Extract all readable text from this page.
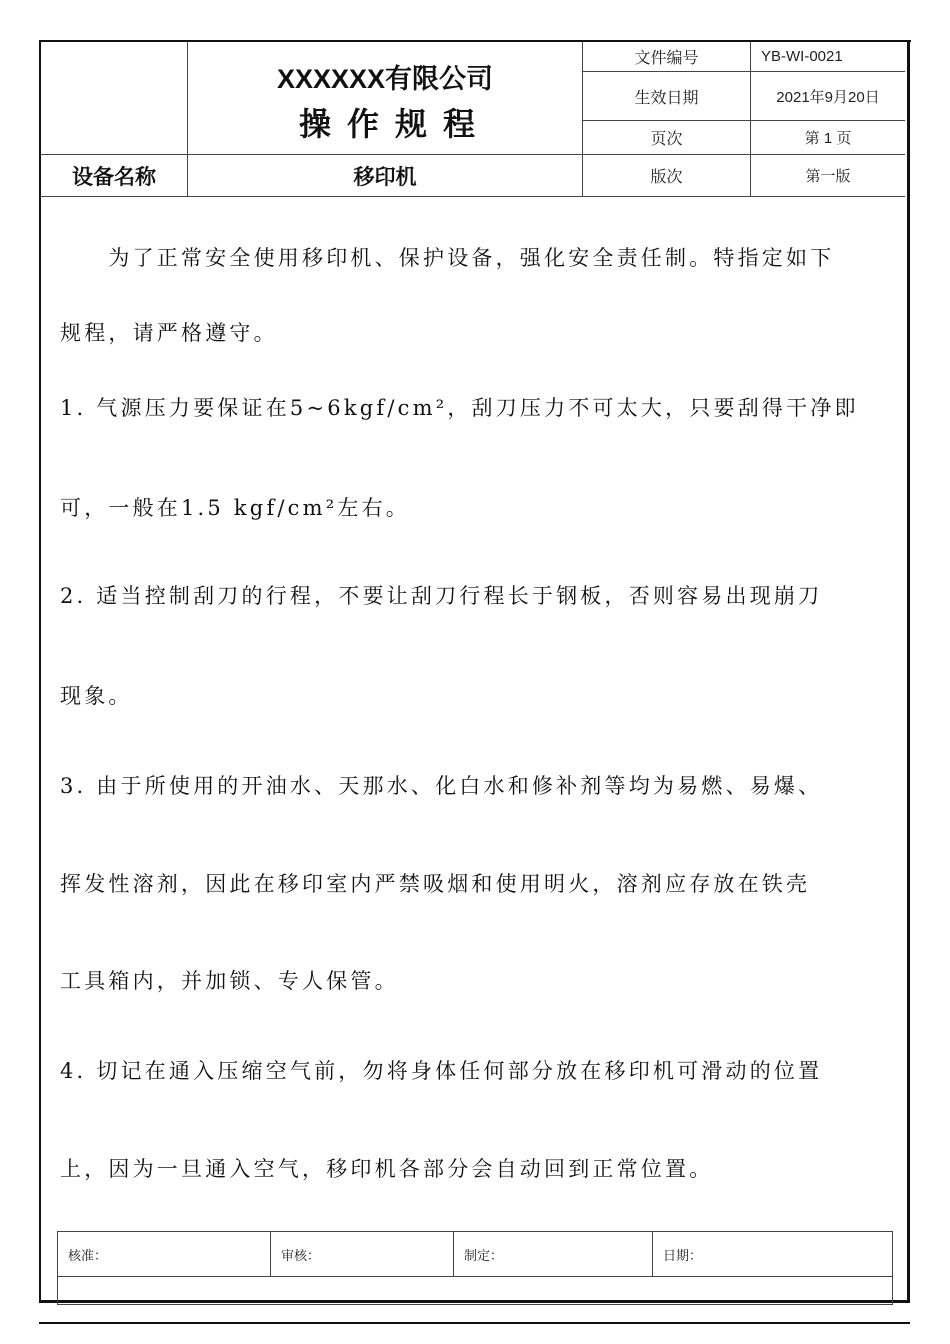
XXXXXX有限公司
操作规程
文件编号	YB-WI-0021
生效日期	2021年9月20日
页次	第 1 页
设备名称	移印机	版次	第一版
　　为了正常安全使用移印机、保护设备，强化安全责任制。特指定如下
规程，请严格遵守。
1. 气源压力要保证在5~6kgf/cm²，刮刀压力不可太大，只要刮得干净即
可，一般在1.5 kgf/cm²左右。
2. 适当控制刮刀的行程，不要让刮刀行程长于钢板，否则容易出现崩刀
现象。
3. 由于所使用的开油水、天那水、化白水和修补剂等均为易燃、易爆、
挥发性溶剂，因此在移印室内严禁吸烟和使用明火，溶剂应存放在铁壳
工具箱内，并加锁、专人保管。
4. 切记在通入压缩空气前，勿将身体任何部分放在移印机可滑动的位置
上，因为一旦通入空气，移印机各部分会自动回到正常位置。
核准：	审核：	制定：	日期：
